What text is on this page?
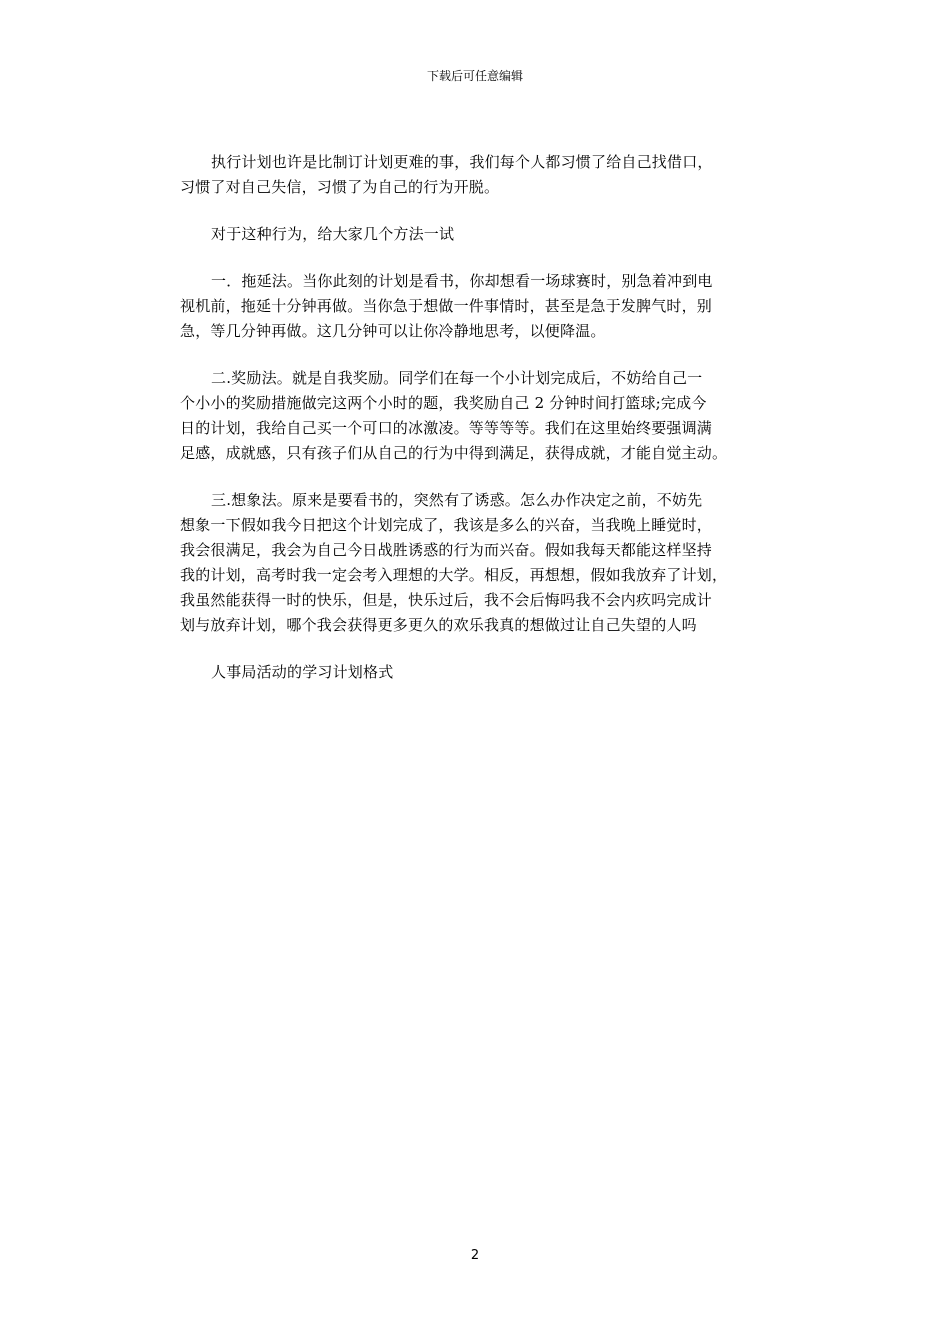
下载后可任意编辑
执行计划也许是比制订计划更难的事，我们每个人都习惯了给自己找借口，
习惯了对自己失信，习惯了为自己的行为开脱。
对于这种行为，给大家几个方法一试
一．拖延法。当你此刻的计划是看书，你却想看一场球赛时，别急着冲到电
视机前，拖延十分钟再做。当你急于想做一件事情时，甚至是急于发脾气时，别
急，等几分钟再做。这几分钟可以让你冷静地思考，以便降温。
二.奖励法。就是自我奖励。同学们在每一个小计划完成后，不妨给自己一
个小小的奖励措施做完这两个小时的题，我奖励自己 2 分钟时间打篮球;完成今
日的计划，我给自己买一个可口的冰激凌。等等等等。我们在这里始终要强调满
足感，成就感，只有孩子们从自己的行为中得到满足，获得成就，才能自觉主动。
三.想象法。原来是要看书的，突然有了诱惑。怎么办作决定之前，不妨先
想象一下假如我今日把这个计划完成了，我该是多么的兴奋，当我晚上睡觉时，
我会很满足，我会为自己今日战胜诱惑的行为而兴奋。假如我每天都能这样坚持
我的计划，高考时我一定会考入理想的大学。相反，再想想，假如我放弃了计划，
我虽然能获得一时的快乐，但是，快乐过后，我不会后悔吗我不会内疚吗完成计
划与放弃计划，哪个我会获得更多更久的欢乐我真的想做过让自己失望的人吗
人事局活动的学习计划格式
2
